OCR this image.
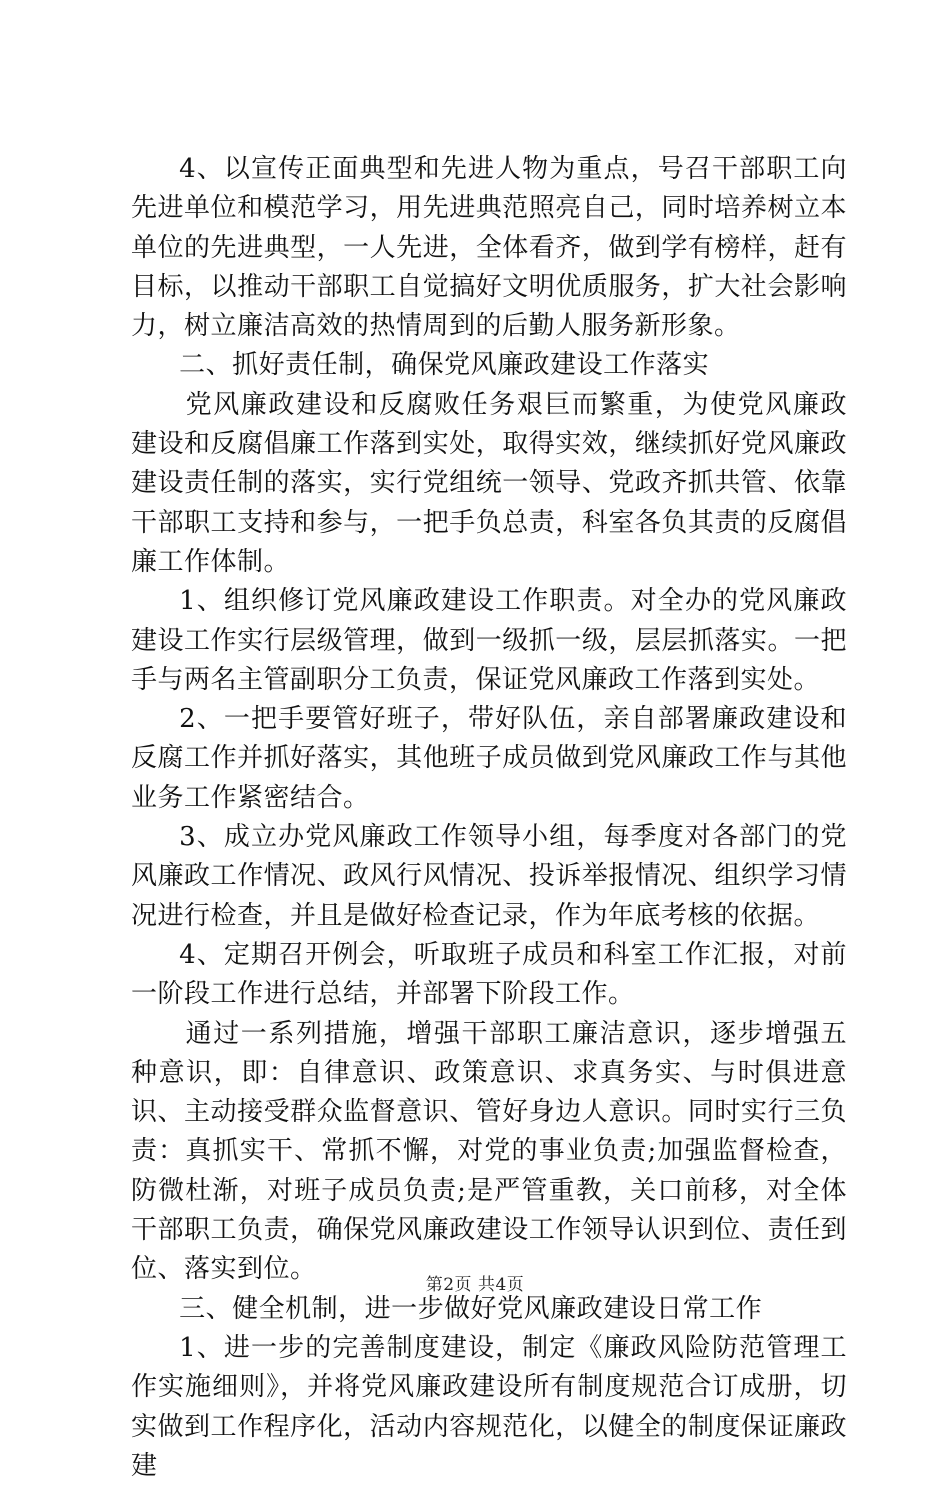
4、以宣传正面典型和先进人物为重点，号召干部职工向先进单位和模范学习，用先进典范照亮自己，同时培养树立本单位的先进典型，一人先进，全体看齐，做到学有榜样，赶有目标，以推动干部职工自觉搞好文明优质服务，扩大社会影响力，树立廉洁高效的热情周到的后勤人服务新形象。

二、抓好责任制，确保党风廉政建设工作落实

党风廉政建设和反腐败任务艰巨而繁重，为使党风廉政建设和反腐倡廉工作落到实处，取得实效，继续抓好党风廉政建设责任制的落实，实行党组统一领导、党政齐抓共管、依靠干部职工支持和参与，一把手负总责，科室各负其责的反腐倡廉工作体制。

1、组织修订党风廉政建设工作职责。对全办的党风廉政建设工作实行层级管理，做到一级抓一级，层层抓落实。一把手与两名主管副职分工负责，保证党风廉政工作落到实处。

2、一把手要管好班子，带好队伍，亲自部署廉政建设和反腐工作并抓好落实，其他班子成员做到党风廉政工作与其他业务工作紧密结合。

3、成立办党风廉政工作领导小组，每季度对各部门的党风廉政工作情况、政风行风情况、投诉举报情况、组织学习情况进行检查，并且是做好检查记录，作为年底考核的依据。

4、定期召开例会，听取班子成员和科室工作汇报，对前一阶段工作进行总结，并部署下阶段工作。

通过一系列措施，增强干部职工廉洁意识，逐步增强五种意识，即：自律意识、政策意识、求真务实、与时俱进意识、主动接受群众监督意识、管好身边人意识。同时实行三负责：真抓实干、常抓不懈，对党的事业负责;加强监督检查，防微杜渐，对班子成员负责;是严管重教，关口前移，对全体干部职工负责，确保党风廉政建设工作领导认识到位、责任到位、落实到位。

三、健全机制，进一步做好党风廉政建设日常工作

1、进一步的完善制度建设，制定《廉政风险防范管理工作实施细则》，并将党风廉政建设所有制度规范合订成册，切实做到工作程序化，活动内容规范化，以健全的制度保证廉政建

第2页 共4页
